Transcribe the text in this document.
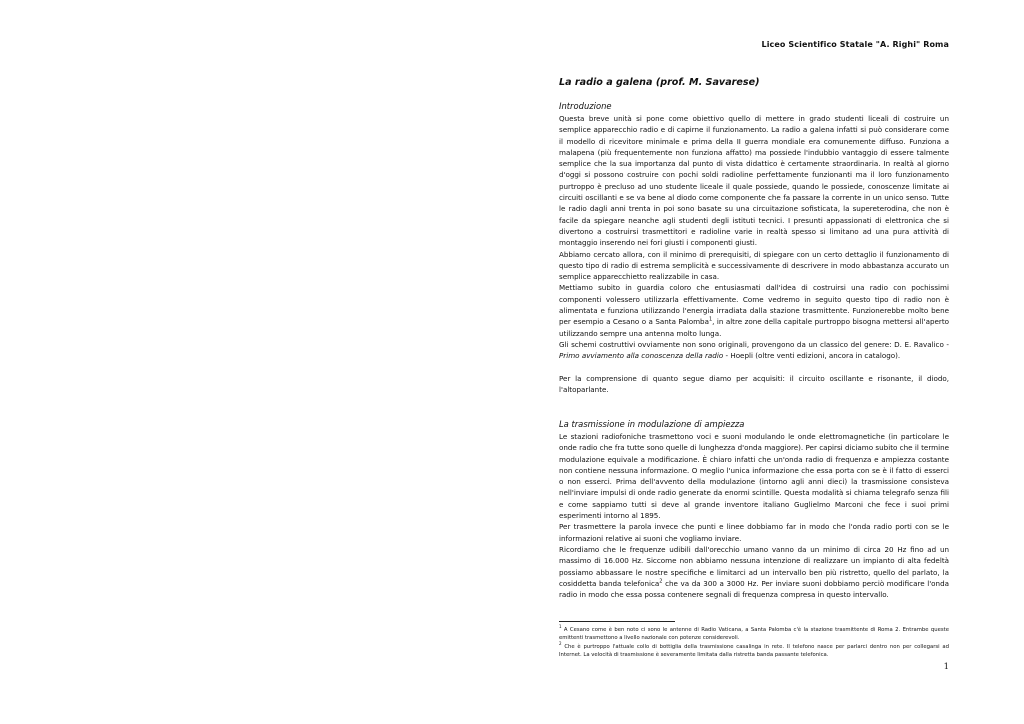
Liceo Scientifico Statale "A. Righi" Roma
La radio a galena (prof. M. Savarese)
Introduzione

Questa breve unità si pone come obiettivo quello di mettere in grado studenti liceali di costruire un semplice apparecchio radio e di capirne il funzionamento. La radio a galena infatti si può considerare come il modello di ricevitore minimale e prima della II guerra mondiale era comunemente diffuso. Funziona a malapena (più frequentemente non funziona affatto) ma possiede l'indubbio vantaggio di essere talmente semplice che la sua importanza dal punto di vista didattico è certamente straordinaria. In realtà al giorno d'oggi si possono costruire con pochi soldi radioline perfettamente funzionanti ma il loro funzionamento purtroppo è precluso ad uno studente liceale il quale possiede, quando le possiede, conoscenze limitate ai circuiti oscillanti e se va bene al diodo come componente che fa passare la corrente in un unico senso. Tutte le radio dagli anni trenta in poi sono basate su una circuitazione sofisticata, la supereterodina, che non è facile da spiegare neanche agli studenti degli istituti tecnici. I presunti appassionati di elettronica che si divertono a costruirsi trasmettitori e radioline varie in realtà spesso si limitano ad una pura attività di montaggio inserendo nei fori giusti i componenti giusti.

Abbiamo cercato allora, con il minimo di prerequisiti, di spiegare con un certo dettaglio il funzionamento di questo tipo di radio di estrema semplicità e successivamente di descrivere in modo abbastanza accurato un semplice apparecchietto realizzabile in casa.

Mettiamo subito in guardia coloro che entusiasmati dall'idea di costruirsi una radio con pochissimi componenti volessero utilizzarla effettivamente. Come vedremo in seguito questo tipo di radio non è alimentata e funziona utilizzando l'energia irradiata dalla stazione trasmittente. Funzionerebbe molto bene per esempio a Cesano o a Santa Palomba$^1$, in altre zone della capitale purtroppo bisogna mettersi all'aperto utilizzando sempre una antenna molto lunga.

Gli schemi costruttivi ovviamente non sono originali, provengono da un classico del genere: D. E. Ravalico - Primo avviamento alla conoscenza della radio - Hoepli (oltre venti edizioni, ancora in catalogo).

Per la comprensione di quanto segue diamo per acquisiti: il circuito oscillante e risonante, il diodo, l'altoparlante.

La trasmissione in modulazione di ampiezza

Le stazioni radiofoniche trasmettono voci e suoni modulando le onde elettromagnetiche (in particolare le onde radio che fra tutte sono quelle di lunghezza d'onda maggiore). Per capirsi diciamo subito che il termine modulazione equivale a modificazione. È chiaro infatti che un'onda radio di frequenza e ampiezza costante non contiene nessuna informazione. O meglio l'unica informazione che essa porta con se è il fatto di esserci o non esserci. Prima dell'avvento della modulazione (intorno agli anni dieci) la trasmissione consisteva nell'inviare impulsi di onde radio generate da enormi scintille. Questa modalità si chiama telegrafo senza fili e come sappiamo tutti si deve al grande inventore italiano Guglielmo Marconi che fece i suoi primi esperimenti intorno al 1895.

Per trasmettere la parola invece che punti e linee dobbiamo far in modo che l'onda radio porti con se le informazioni relative ai suoni che vogliamo inviare.

Ricordiamo che le frequenze udibili dall'orecchio umano vanno da un minimo di circa 20 Hz fino ad un massimo di 16.000 Hz. Siccome non abbiamo nessuna intenzione di realizzare un impianto di alta fedeltà possiamo abbassare le nostre specifiche e limitarci ad un intervallo ben più ristretto, quello del parlato, la cosiddetta banda telefonica$^2$ che va da 300 a 3000 Hz. Per inviare suoni dobbiamo perciò modificare l'onda radio in modo che essa possa contenere segnali di frequenza compresa in questo intervallo.

$^1$ A Cesano come è ben noto ci sono le antenne di Radio Vaticana, a Santa Palomba c'è la stazione trasmittente di Roma 2. Entrambe queste emittenti trasmettono a livello nazionale con potenze considerevoli.

$^2$ Che è purtroppo l'attuale collo di bottiglia della trasmissione casalinga in rete. Il telefono nasce per parlarci dentro non per collegarsi ad Internet. La velocità di trasmissione è severamente limitata dalla ristretta banda passante telefonica.

1
